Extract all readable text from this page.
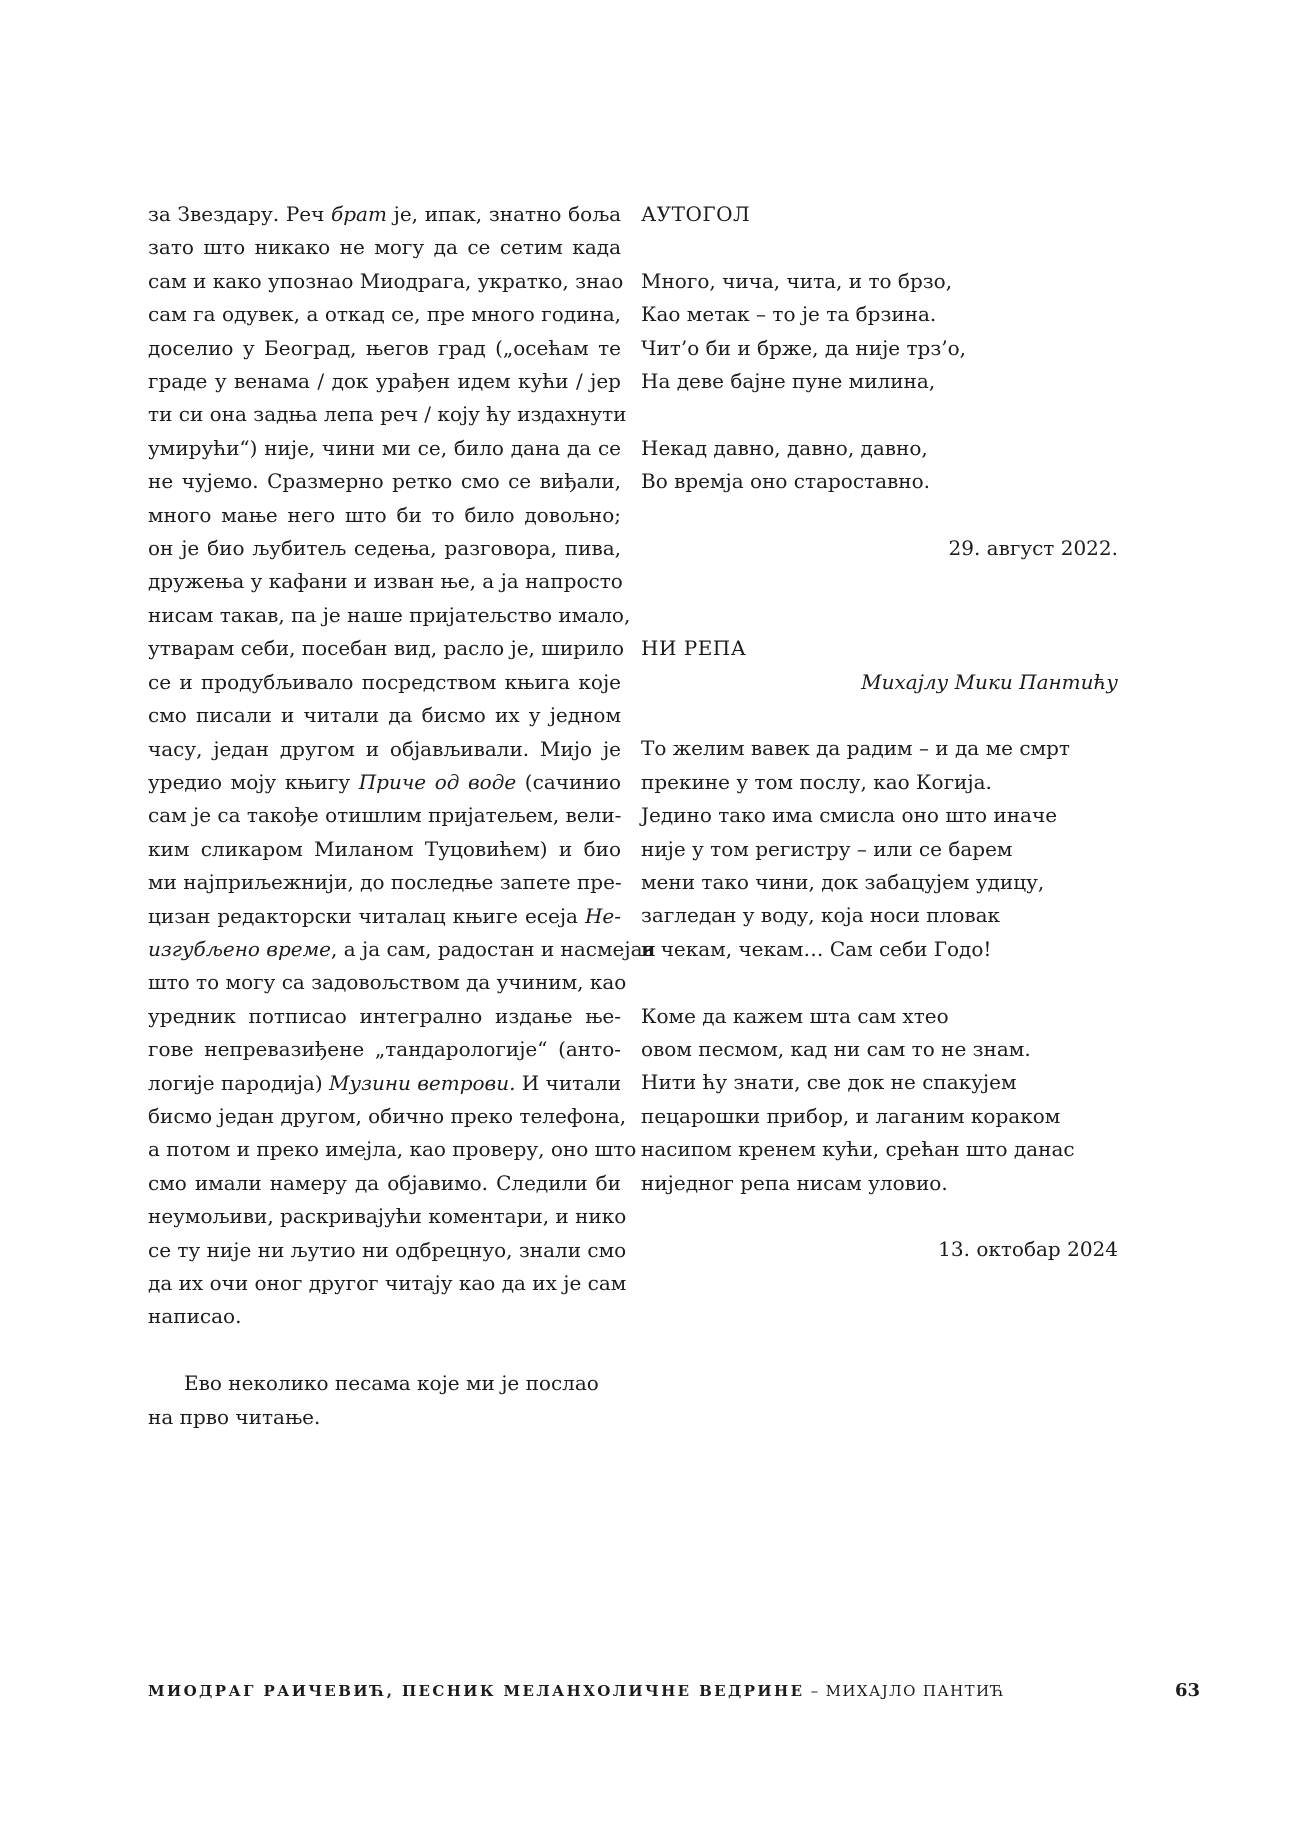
за Звездару. Реч брат је, ипак, знатно боља
зато што никако не могу да се сетим када
сам и како упознао Миодрага, укратко, знао
сам га одувек, а откад се, пре много година,
доселио у Београд, његов град („осећам те
граде у венама / док урађен идем кући / јер
ти си она задња лепа реч / коју ћу издахнути
умирући“) није, чини ми се, било дана да се
не чујемо. Сразмерно ретко смо се виђали,
много мање него што би то било довољно;
он је био љубитељ седења, разговора, пива,
дружења у кафани и изван ње, а ја напросто
нисам такав, па је наше пријатељство имало,
утварам себи, посебан вид, расло је, ширило
се и продубљивало посредством књига које
смо писали и читали да бисмо их у једном
часу, један другом и објављивали. Мијо је
уредио моју књигу Приче од воде (сачинио
сам је са такође отишлим пријатељем, вели-
ким сликаром Миланом Туцовићем) и био
ми најприљежнији, до последње запете пре-
цизан редакторски читалац књиге есеја Не-
изгубљено време, а ја сам, радостан и насмејан
што то могу са задовољством да учиним, као
уредник потписао интегрално издање ње-
гове непревазиђене „тандарологије“ (анто-
логије пародија) Музини ветрови. И читали
бисмо један другом, обично преко телефона,
а потом и преко имејла, као проверу, оно што
смо имали намеру да објавимо. Следили би
неумољиви, раскривајући коментари, и нико
се ту није ни љутио ни одбрецнуо, знали смо
да их очи оног другог читају као да их је сам
написао.

Ево неколико песама које ми је послао
на прво читање.

АУТОГОЛ
Много, чича, чита, и то брзо,
Као метак – то је та брзина.
Чит’о би и брже, да није трз’о,
На деве бајне пуне милина,
Некад давно, давно, давно,
Во времја оно староставно.
29. август 2022.
НИ РЕПА
Михајлу Мики Пантићу
То желим вавек да радим – и да ме смрт
прекине у том послу, као Когија.
Једино тако има смисла оно што иначе
није у том регистру – или се барем
мени тако чини, док забацујем удицу,
загледан у воду, која носи пловак
и чекам, чекам… Сам себи Годо!
Коме да кажем шта сам хтео
овом песмом, кад ни сам то не знам.
Нити ћу знати, све док не спакујем
пецарошки прибор, и лаганим кораком
насипом кренем кући, срећан што данас
ниједног репа нисам уловио.
13. октобар 2024
МИОДРАГ РАИЧЕВИЋ, ПЕСНИК МЕЛАНХОЛИЧНЕ ВЕДРИНЕ – МИХАЈЛО ПАНТИЋ	63
